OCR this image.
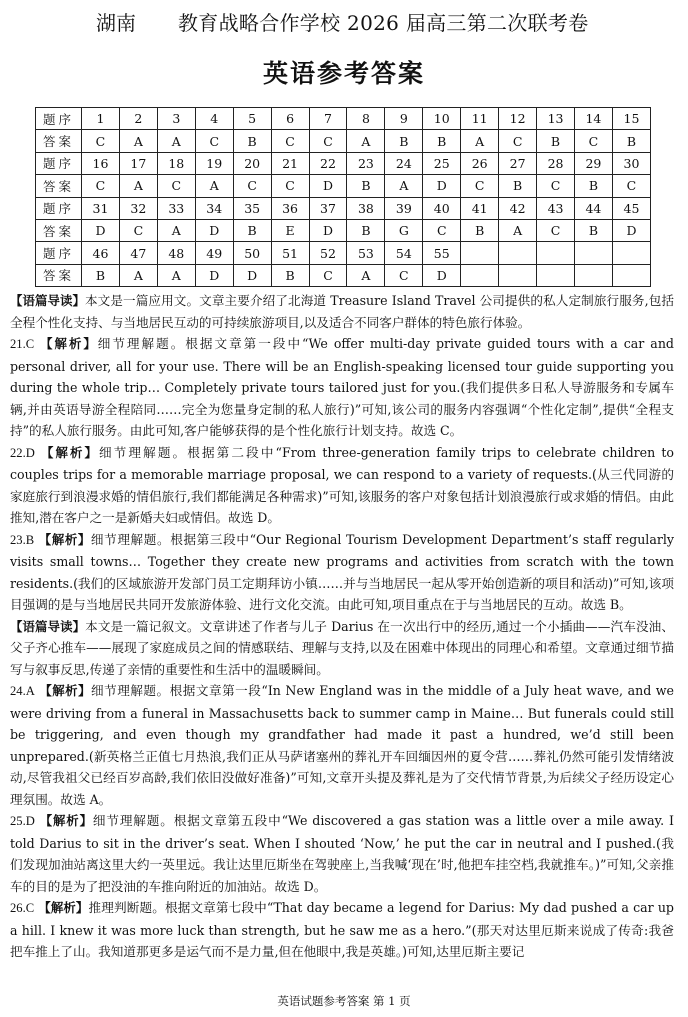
湖南 教育战略合作学校 2026 届高三第二次联考卷
英语参考答案
题序	1	2	3	4	5	6	7	8	9	10	11	12	13	14	15
答案	C	A	A	C	B	C	C	A	B	B	A	C	B	C	B
题序	16	17	18	19	20	21	22	23	24	25	26	27	28	29	30
答案	C	A	C	A	C	C	D	B	A	D	C	B	C	B	C
题序	31	32	33	34	35	36	37	38	39	40	41	42	43	44	45
答案	D	C	A	D	B	E	D	B	G	C	B	A	C	B	D
题序	46	47	48	49	50	51	52	53	54	55					
答案	B	A	A	D	D	B	C	A	C	D					

【语篇导读】本文是一篇应用文。文章主要介绍了北海道 Treasure Island Travel 公司提供的私人定制旅行服务,包括全程个性化支持、与当地居民互动的可持续旅游项目,以及适合不同客户群体的特色旅行体验。

21.C 【解析】细节理解题。根据文章第一段中“We offer multi-day private guided tours with a car and personal driver, all for your use. There will be an English-speaking licensed tour guide supporting you during the whole trip… Completely private tours tailored just for you.(我们提供多日私人导游服务和专属车辆,并由英语导游全程陪同……完全为您量身定制的私人旅行)”可知,该公司的服务内容强调“个性化定制”,提供“全程支持”的私人旅行服务。由此可知,客户能够获得的是个性化旅行计划支持。故选 C。

22.D 【解析】细节理解题。根据第二段中“From three-generation family trips to celebrate children to couples trips for a memorable marriage proposal, we can respond to a variety of requests.(从三代同游的家庭旅行到浪漫求婚的情侣旅行,我们都能满足各种需求)”可知,该服务的客户对象包括计划浪漫旅行或求婚的情侣。由此推知,潜在客户之一是新婚夫妇或情侣。故选 D。

23.B 【解析】细节理解题。根据第三段中“Our Regional Tourism Development Department’s staff regularly visits small towns… Together they create new programs and activities from scratch with the town residents.(我们的区域旅游开发部门员工定期拜访小镇……并与当地居民一起从零开始创造新的项目和活动)”可知,该项目强调的是与当地居民共同开发旅游体验、进行文化交流。由此可知,项目重点在于与当地居民的互动。故选 B。

【语篇导读】本文是一篇记叙文。文章讲述了作者与儿子 Darius 在一次出行中的经历,通过一个小插曲——汽车没油、父子齐心推车——展现了家庭成员之间的情感联结、理解与支持,以及在困难中体现出的同理心和希望。文章通过细节描写与叙事反思,传递了亲情的重要性和生活中的温暖瞬间。

24.A 【解析】细节理解题。根据文章第一段“In New England was in the middle of a July heat wave, and we were driving from a funeral in Massachusetts back to summer camp in Maine… But funerals could still be triggering, and even though my grandfather had made it past a hundred, we’d still been unprepared.(新英格兰正值七月热浪,我们正从马萨诸塞州的葬礼开车回缅因州的夏令营……葬礼仍然可能引发情绪波动,尽管我祖父已经百岁高龄,我们依旧没做好准备)”可知,文章开头提及葬礼是为了交代情节背景,为后续父子经历设定心理氛围。故选 A。

25.D 【解析】细节理解题。根据文章第五段中“We discovered a gas station was a little over a mile away. I told Darius to sit in the driver’s seat. When I shouted ‘Now,’ he put the car in neutral and I pushed.(我们发现加油站离这里大约一英里远。我让达里厄斯坐在驾驶座上,当我喊‘现在’时,他把车挂空档,我就推车。)”可知,父亲推车的目的是为了把没油的车推向附近的加油站。故选 D。

26.C 【解析】推理判断题。根据文章第七段中“That day became a legend for Darius: My dad pushed a car up a hill. I knew it was more luck than strength, but he saw me as a hero.”(那天对达里厄斯来说成了传奇:我爸把车推上了山。我知道那更多是运气而不是力量,但在他眼中,我是英雄。)可知,达里厄斯主要记

英语试题参考答案 第 1 页
